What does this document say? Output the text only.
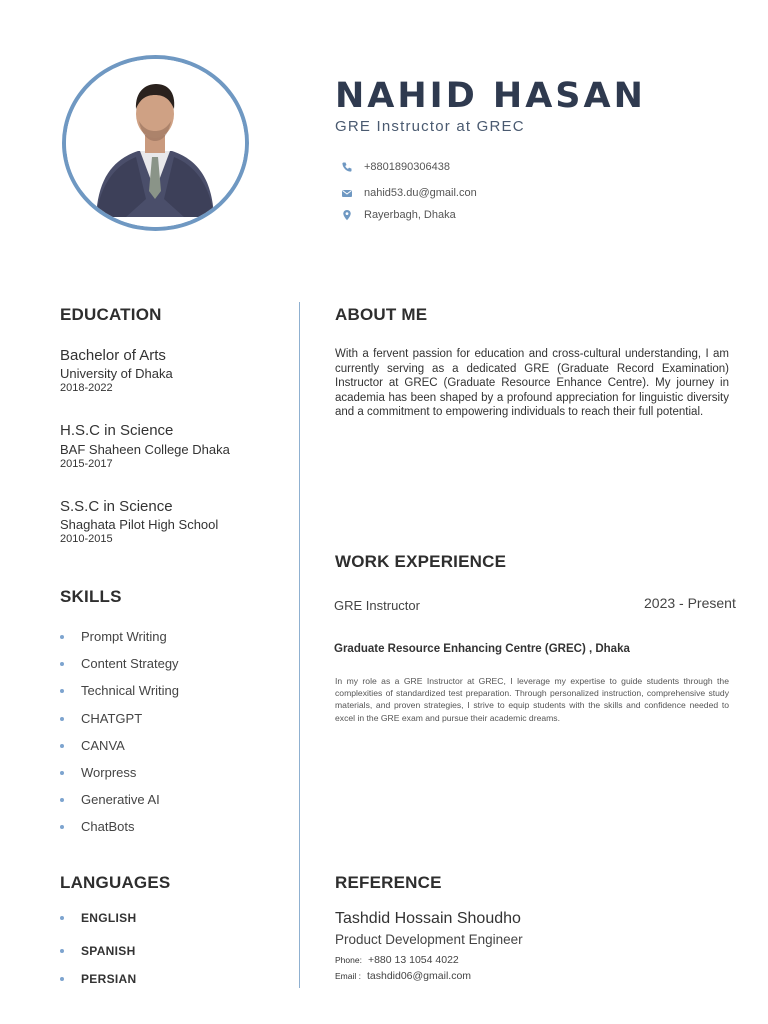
NAHID HASAN
GRE Instructor at GREC
+8801890306438
nahid53.du@gmail.con
Rayerbagh, Dhaka
EDUCATION
Bachelor of Arts
University of Dhaka
2018-2022
H.S.C in Science
BAF Shaheen College Dhaka
2015-2017
S.S.C in Science
Shaghata Pilot High School
2010-2015
SKILLS
Prompt Writing
Content Strategy
Technical Writing
CHATGPT
CANVA
Worpress
Generative AI
ChatBots
LANGUAGES
ENGLISH
SPANISH
PERSIAN
ABOUT ME
With a fervent passion for education and cross-cultural understanding, I am currently serving as a dedicated GRE (Graduate Record Examination) Instructor at GREC (Graduate Resource Enhance Centre). My journey in academia has been shaped by a profound appreciation for linguistic diversity and a commitment to empowering individuals to reach their full potential.
WORK EXPERIENCE
GRE Instructor	2023 - Present
Graduate Resource Enhancing Centre (GREC) , Dhaka
In my role as a GRE Instructor at GREC, I leverage my expertise to guide students through the complexities of standardized test preparation. Through personalized instruction, comprehensive study materials, and proven strategies, I strive to equip students with the skills and confidence needed to excel in the GRE exam and pursue their academic dreams.
REFERENCE
Tashdid Hossain Shoudho
Product Development Engineer
Phone: +880 13 1054 4022
Email : tashdid06@gmail.com
